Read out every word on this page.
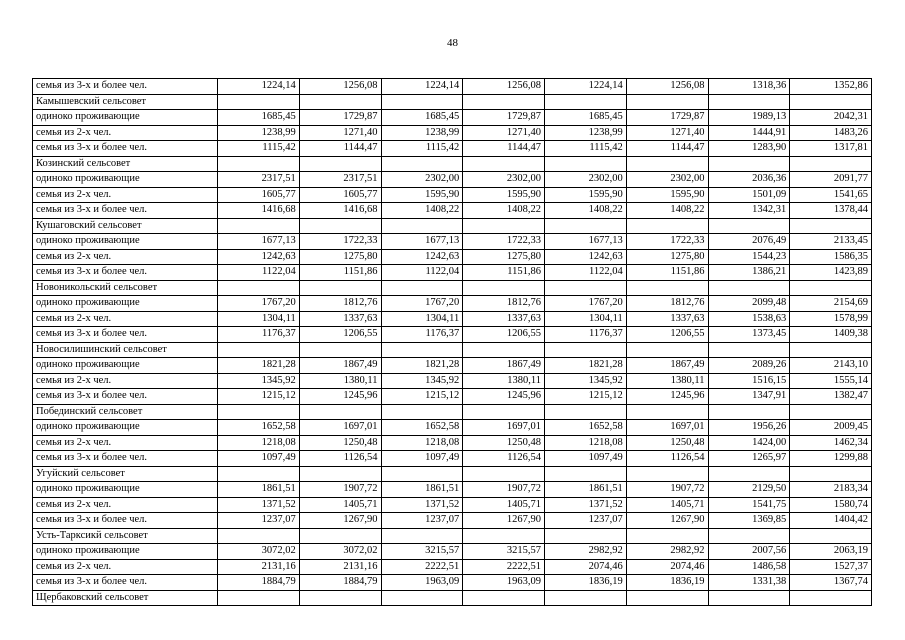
48
семья из 3-х и более чел.	1224,14	1256,08	1224,14	1256,08	1224,14	1256,08	1318,36	1352,86
Камышевский сельсовет								
одиноко проживающие	1685,45	1729,87	1685,45	1729,87	1685,45	1729,87	1989,13	2042,31
семья из 2-х чел.	1238,99	1271,40	1238,99	1271,40	1238,99	1271,40	1444,91	1483,26
семья из 3-х и более чел.	1115,42	1144,47	1115,42	1144,47	1115,42	1144,47	1283,90	1317,81
Козинский сельсовет								
одиноко проживающие	2317,51	2317,51	2302,00	2302,00	2302,00	2302,00	2036,36	2091,77
семья из 2-х чел.	1605,77	1605,77	1595,90	1595,90	1595,90	1595,90	1501,09	1541,65
семья из 3-х и более чел.	1416,68	1416,68	1408,22	1408,22	1408,22	1408,22	1342,31	1378,44
Кушаговский сельсовет								
одиноко проживающие	1677,13	1722,33	1677,13	1722,33	1677,13	1722,33	2076,49	2133,45
семья из 2-х чел.	1242,63	1275,80	1242,63	1275,80	1242,63	1275,80	1544,23	1586,35
семья из 3-х и более чел.	1122,04	1151,86	1122,04	1151,86	1122,04	1151,86	1386,21	1423,89
Новоникольский сельсовет								
одиноко проживающие	1767,20	1812,76	1767,20	1812,76	1767,20	1812,76	2099,48	2154,69
семья из 2-х чел.	1304,11	1337,63	1304,11	1337,63	1304,11	1337,63	1538,63	1578,99
семья из 3-х и более чел.	1176,37	1206,55	1176,37	1206,55	1176,37	1206,55	1373,45	1409,38
Новосилишинский сельсовет								
одиноко проживающие	1821,28	1867,49	1821,28	1867,49	1821,28	1867,49	2089,26	2143,10
семья из 2-х чел.	1345,92	1380,11	1345,92	1380,11	1345,92	1380,11	1516,15	1555,14
семья из 3-х и более чел.	1215,12	1245,96	1215,12	1245,96	1215,12	1245,96	1347,91	1382,47
Побединский сельсовет								
одиноко проживающие	1652,58	1697,01	1652,58	1697,01	1652,58	1697,01	1956,26	2009,45
семья из 2-х чел.	1218,08	1250,48	1218,08	1250,48	1218,08	1250,48	1424,00	1462,34
семья из 3-х и более чел.	1097,49	1126,54	1097,49	1126,54	1097,49	1126,54	1265,97	1299,88
Угуйский сельсовет								
одиноко проживающие	1861,51	1907,72	1861,51	1907,72	1861,51	1907,72	2129,50	2183,34
семья из 2-х чел.	1371,52	1405,71	1371,52	1405,71	1371,52	1405,71	1541,75	1580,74
семья из 3-х и более чел.	1237,07	1267,90	1237,07	1267,90	1237,07	1267,90	1369,85	1404,42
Усть-Тарксикй сельсовет								
одиноко проживающие	3072,02	3072,02	3215,57	3215,57	2982,92	2982,92	2007,56	2063,19
семья из 2-х чел.	2131,16	2131,16	2222,51	2222,51	2074,46	2074,46	1486,58	1527,37
семья из 3-х и более чел.	1884,79	1884,79	1963,09	1963,09	1836,19	1836,19	1331,38	1367,74
Щербаковский сельсовет								
